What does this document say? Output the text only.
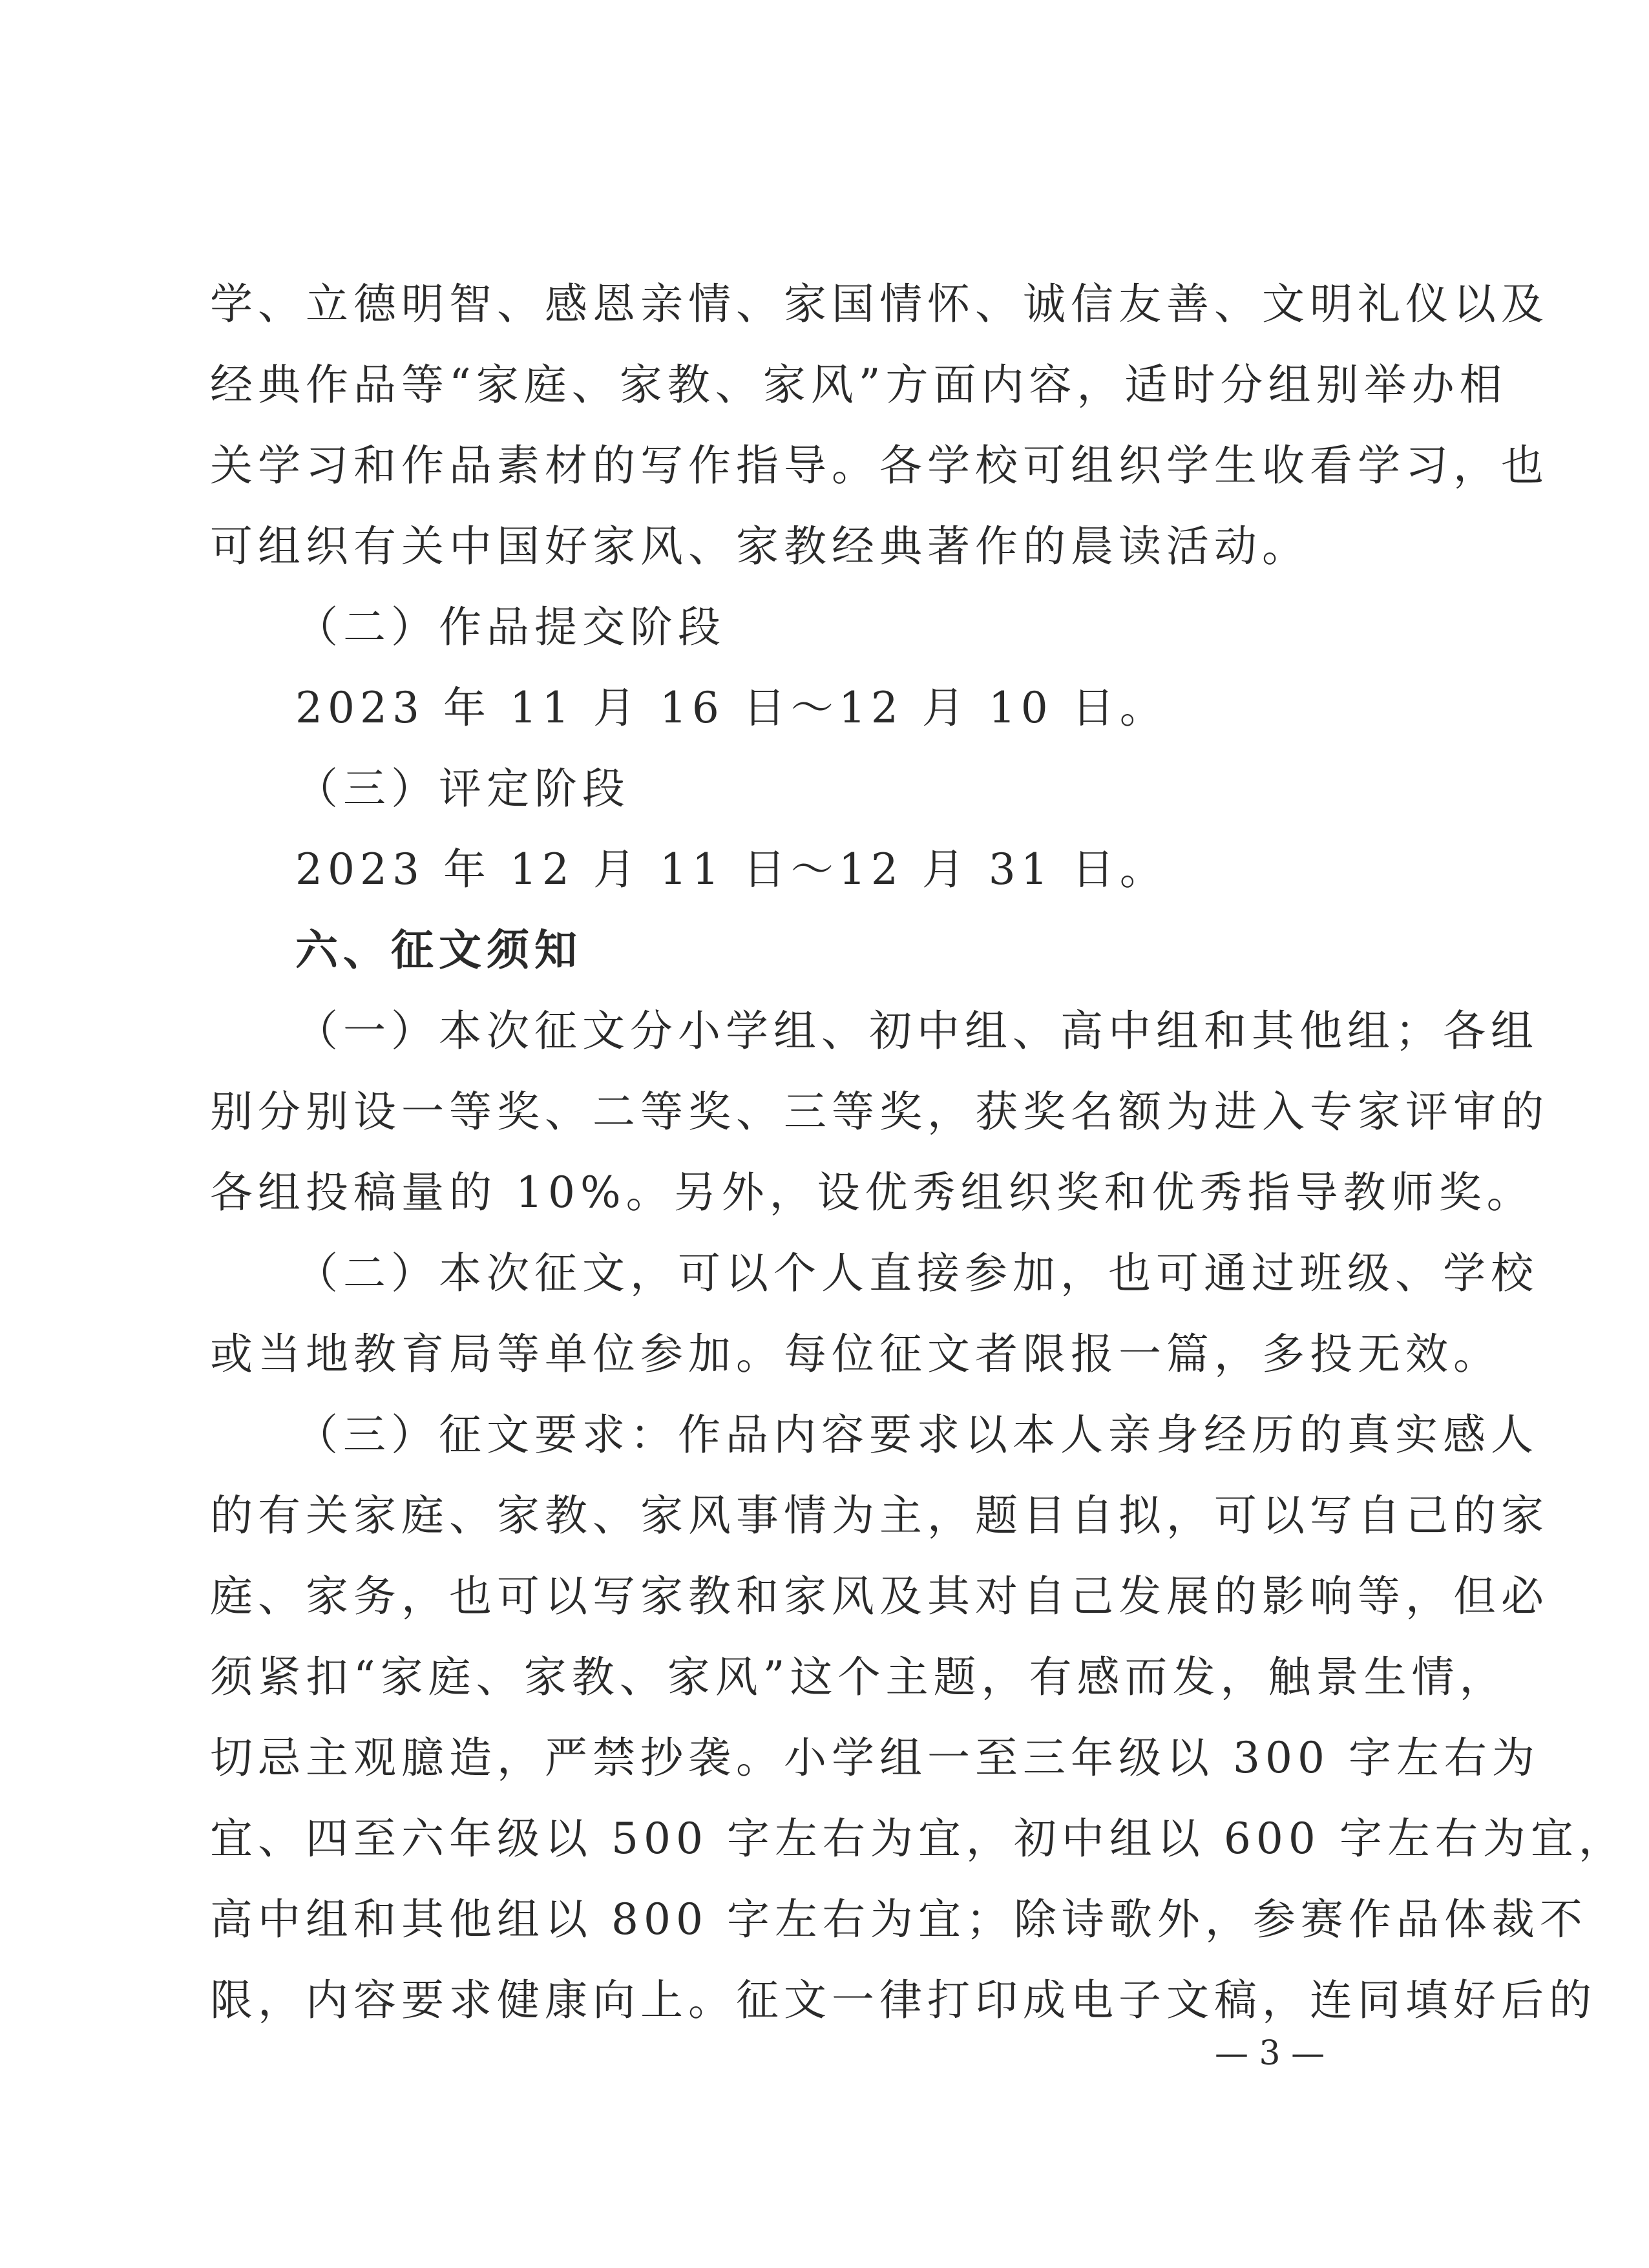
学、立德明智、感恩亲情、家国情怀、诚信友善、文明礼仪以及
经典作品等“家庭、家教、家风”方面内容，适时分组别举办相
关学习和作品素材的写作指导。各学校可组织学生收看学习，也
可组织有关中国好家风、家教经典著作的晨读活动。
（二）作品提交阶段
2023 年 11 月 16 日～12 月 10 日。
（三）评定阶段
2023 年 12 月 11 日～12 月 31 日。
六、征文须知
（一）本次征文分小学组、初中组、高中组和其他组；各组
别分别设一等奖、二等奖、三等奖，获奖名额为进入专家评审的
各组投稿量的 10%。另外，设优秀组织奖和优秀指导教师奖。
（二）本次征文，可以个人直接参加，也可通过班级、学校
或当地教育局等单位参加。每位征文者限报一篇，多投无效。
（三）征文要求：作品内容要求以本人亲身经历的真实感人
的有关家庭、家教、家风事情为主，题目自拟，可以写自己的家
庭、家务，也可以写家教和家风及其对自己发展的影响等，但必
须紧扣“家庭、家教、家风”这个主题，有感而发，触景生情，
切忌主观臆造，严禁抄袭。小学组一至三年级以 300 字左右为
宜、四至六年级以 500 字左右为宜，初中组以 600 字左右为宜，
高中组和其他组以 800 字左右为宜；除诗歌外，参赛作品体裁不
限，内容要求健康向上。征文一律打印成电子文稿，连同填好后的
— 3 —
